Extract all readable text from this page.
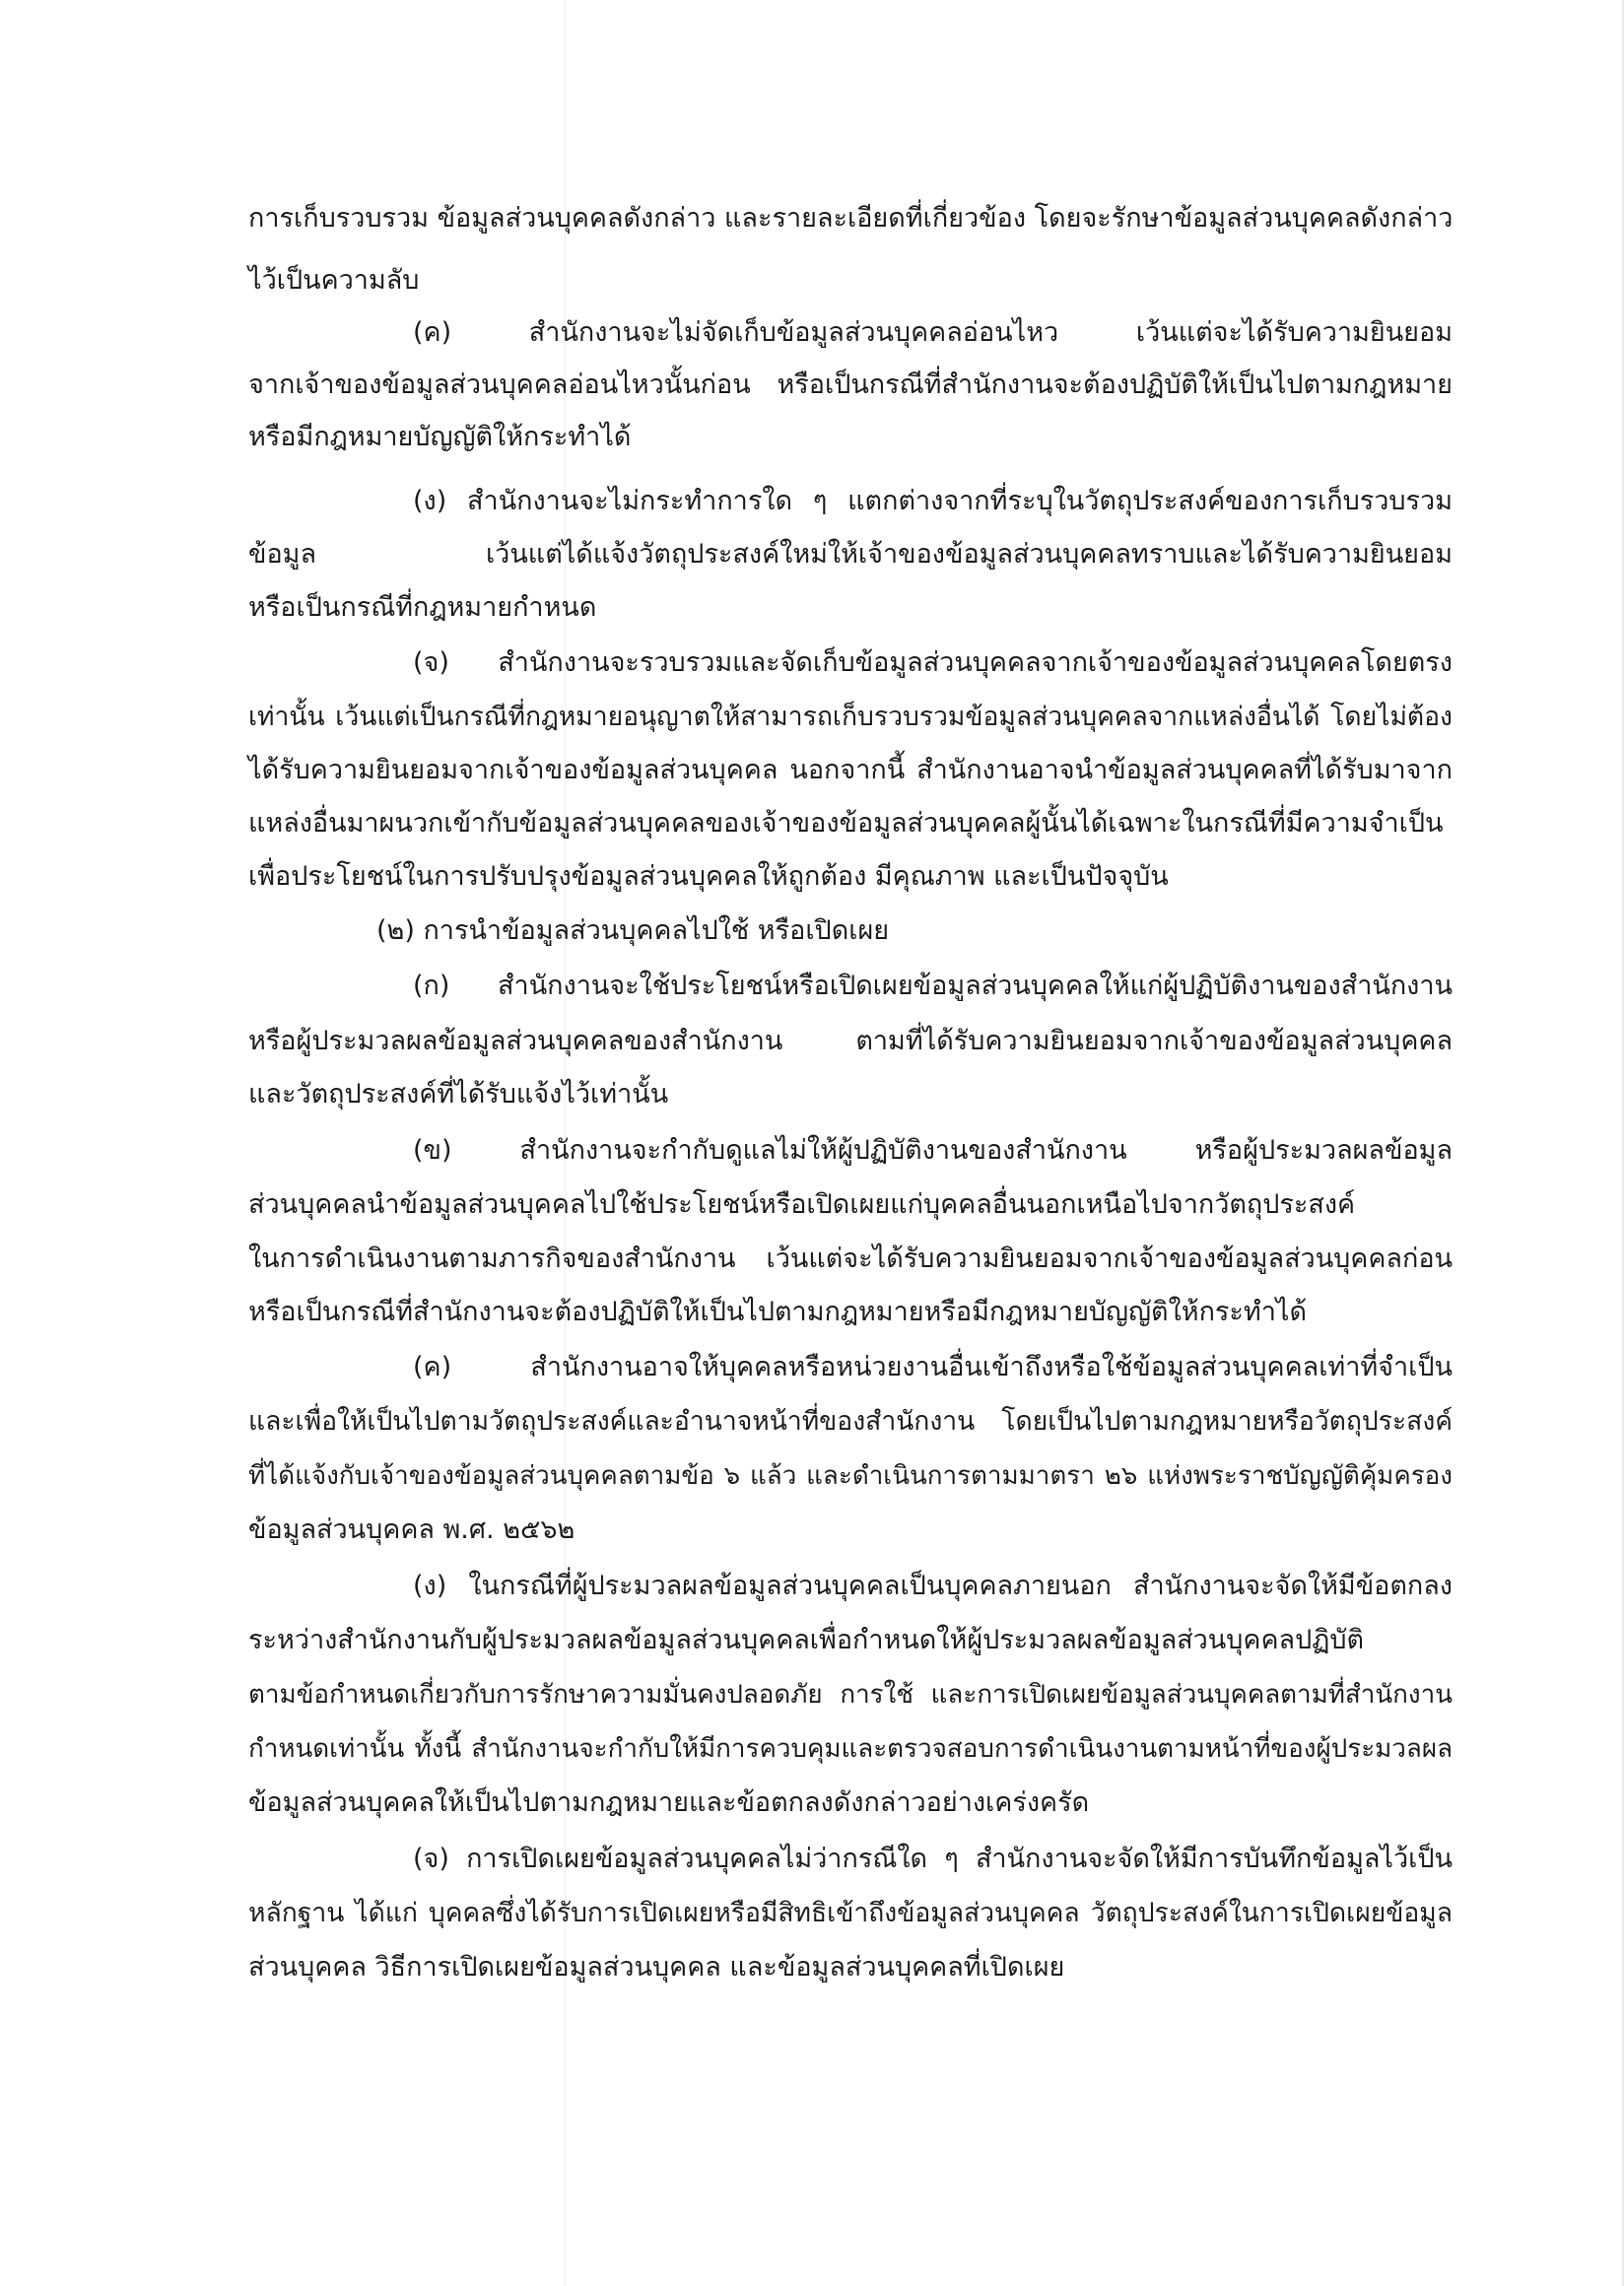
การเก็บรวบรวม ข้อมูลส่วนบุคคลดังกล่าว และรายละเอียดที่เกี่ยวข้อง โดยจะรักษาข้อมูลส่วนบุคคลดังกล่าว
ไว้เป็นความลับ
(ค) สำนักงานจะไม่จัดเก็บข้อมูลส่วนบุคคลอ่อนไหว เว้นแต่จะได้รับความยินยอม
จากเจ้าของข้อมูลส่วนบุคคลอ่อนไหวนั้นก่อน หรือเป็นกรณีที่สำนักงานจะต้องปฏิบัติให้เป็นไปตามกฎหมาย
หรือมีกฎหมายบัญญัติให้กระทำได้
(ง) สำนักงานจะไม่กระทำการใด ๆ แตกต่างจากที่ระบุในวัตถุประสงค์ของการเก็บรวบรวม
ข้อมูล เว้นแต่ได้แจ้งวัตถุประสงค์ใหม่ให้เจ้าของข้อมูลส่วนบุคคลทราบและได้รับความยินยอม
หรือเป็นกรณีที่กฎหมายกำหนด
(จ) สำนักงานจะรวบรวมและจัดเก็บข้อมูลส่วนบุคคลจากเจ้าของข้อมูลส่วนบุคคลโดยตรง
เท่านั้น เว้นแต่เป็นกรณีที่กฎหมายอนุญาตให้สามารถเก็บรวบรวมข้อมูลส่วนบุคคลจากแหล่งอื่นได้ โดยไม่ต้อง
ได้รับความยินยอมจากเจ้าของข้อมูลส่วนบุคคล นอกจากนี้ สำนักงานอาจนำข้อมูลส่วนบุคคลที่ได้รับมาจาก
แหล่งอื่นมาผนวกเข้ากับข้อมูลส่วนบุคคลของเจ้าของข้อมูลส่วนบุคคลผู้นั้นได้เฉพาะในกรณีที่มีความจำเป็น
เพื่อประโยชน์ในการปรับปรุงข้อมูลส่วนบุคคลให้ถูกต้อง มีคุณภาพ และเป็นปัจจุบัน
(๒) การนำข้อมูลส่วนบุคคลไปใช้ หรือเปิดเผย
(ก) สำนักงานจะใช้ประโยชน์หรือเปิดเผยข้อมูลส่วนบุคคลให้แก่ผู้ปฏิบัติงานของสำนักงาน
หรือผู้ประมวลผลข้อมูลส่วนบุคคลของสำนักงาน ตามที่ได้รับความยินยอมจากเจ้าของข้อมูลส่วนบุคคล
และวัตถุประสงค์ที่ได้รับแจ้งไว้เท่านั้น
(ข) สำนักงานจะกำกับดูแลไม่ให้ผู้ปฏิบัติงานของสำนักงาน หรือผู้ประมวลผลข้อมูล
ส่วนบุคคลนำข้อมูลส่วนบุคคลไปใช้ประโยชน์หรือเปิดเผยแก่บุคคลอื่นนอกเหนือไปจากวัตถุประสงค์
ในการดำเนินงานตามภารกิจของสำนักงาน เว้นแต่จะได้รับความยินยอมจากเจ้าของข้อมูลส่วนบุคคลก่อน
หรือเป็นกรณีที่สำนักงานจะต้องปฏิบัติให้เป็นไปตามกฎหมายหรือมีกฎหมายบัญญัติให้กระทำได้
(ค) สำนักงานอาจให้บุคคลหรือหน่วยงานอื่นเข้าถึงหรือใช้ข้อมูลส่วนบุคคลเท่าที่จำเป็น
และเพื่อให้เป็นไปตามวัตถุประสงค์และอำนาจหน้าที่ของสำนักงาน โดยเป็นไปตามกฎหมายหรือวัตถุประสงค์
ที่ได้แจ้งกับเจ้าของข้อมูลส่วนบุคคลตามข้อ ๖ แล้ว และดำเนินการตามมาตรา ๒๖ แห่งพระราชบัญญัติคุ้มครอง
ข้อมูลส่วนบุคคล พ.ศ. ๒๕๖๒
(ง) ในกรณีที่ผู้ประมวลผลข้อมูลส่วนบุคคลเป็นบุคคลภายนอก สำนักงานจะจัดให้มีข้อตกลง
ระหว่างสำนักงานกับผู้ประมวลผลข้อมูลส่วนบุคคลเพื่อกำหนดให้ผู้ประมวลผลข้อมูลส่วนบุคคลปฏิบัติ
ตามข้อกำหนดเกี่ยวกับการรักษาความมั่นคงปลอดภัย การใช้ และการเปิดเผยข้อมูลส่วนบุคคลตามที่สำนักงาน
กำหนดเท่านั้น ทั้งนี้ สำนักงานจะกำกับให้มีการควบคุมและตรวจสอบการดำเนินงานตามหน้าที่ของผู้ประมวลผล
ข้อมูลส่วนบุคคลให้เป็นไปตามกฎหมายและข้อตกลงดังกล่าวอย่างเคร่งครัด
(จ) การเปิดเผยข้อมูลส่วนบุคคลไม่ว่ากรณีใด ๆ สำนักงานจะจัดให้มีการบันทึกข้อมูลไว้เป็น
หลักฐาน ได้แก่ บุคคลซึ่งได้รับการเปิดเผยหรือมีสิทธิเข้าถึงข้อมูลส่วนบุคคล วัตถุประสงค์ในการเปิดเผยข้อมูล
ส่วนบุคคล วิธีการเปิดเผยข้อมูลส่วนบุคคล และข้อมูลส่วนบุคคลที่เปิดเผย
